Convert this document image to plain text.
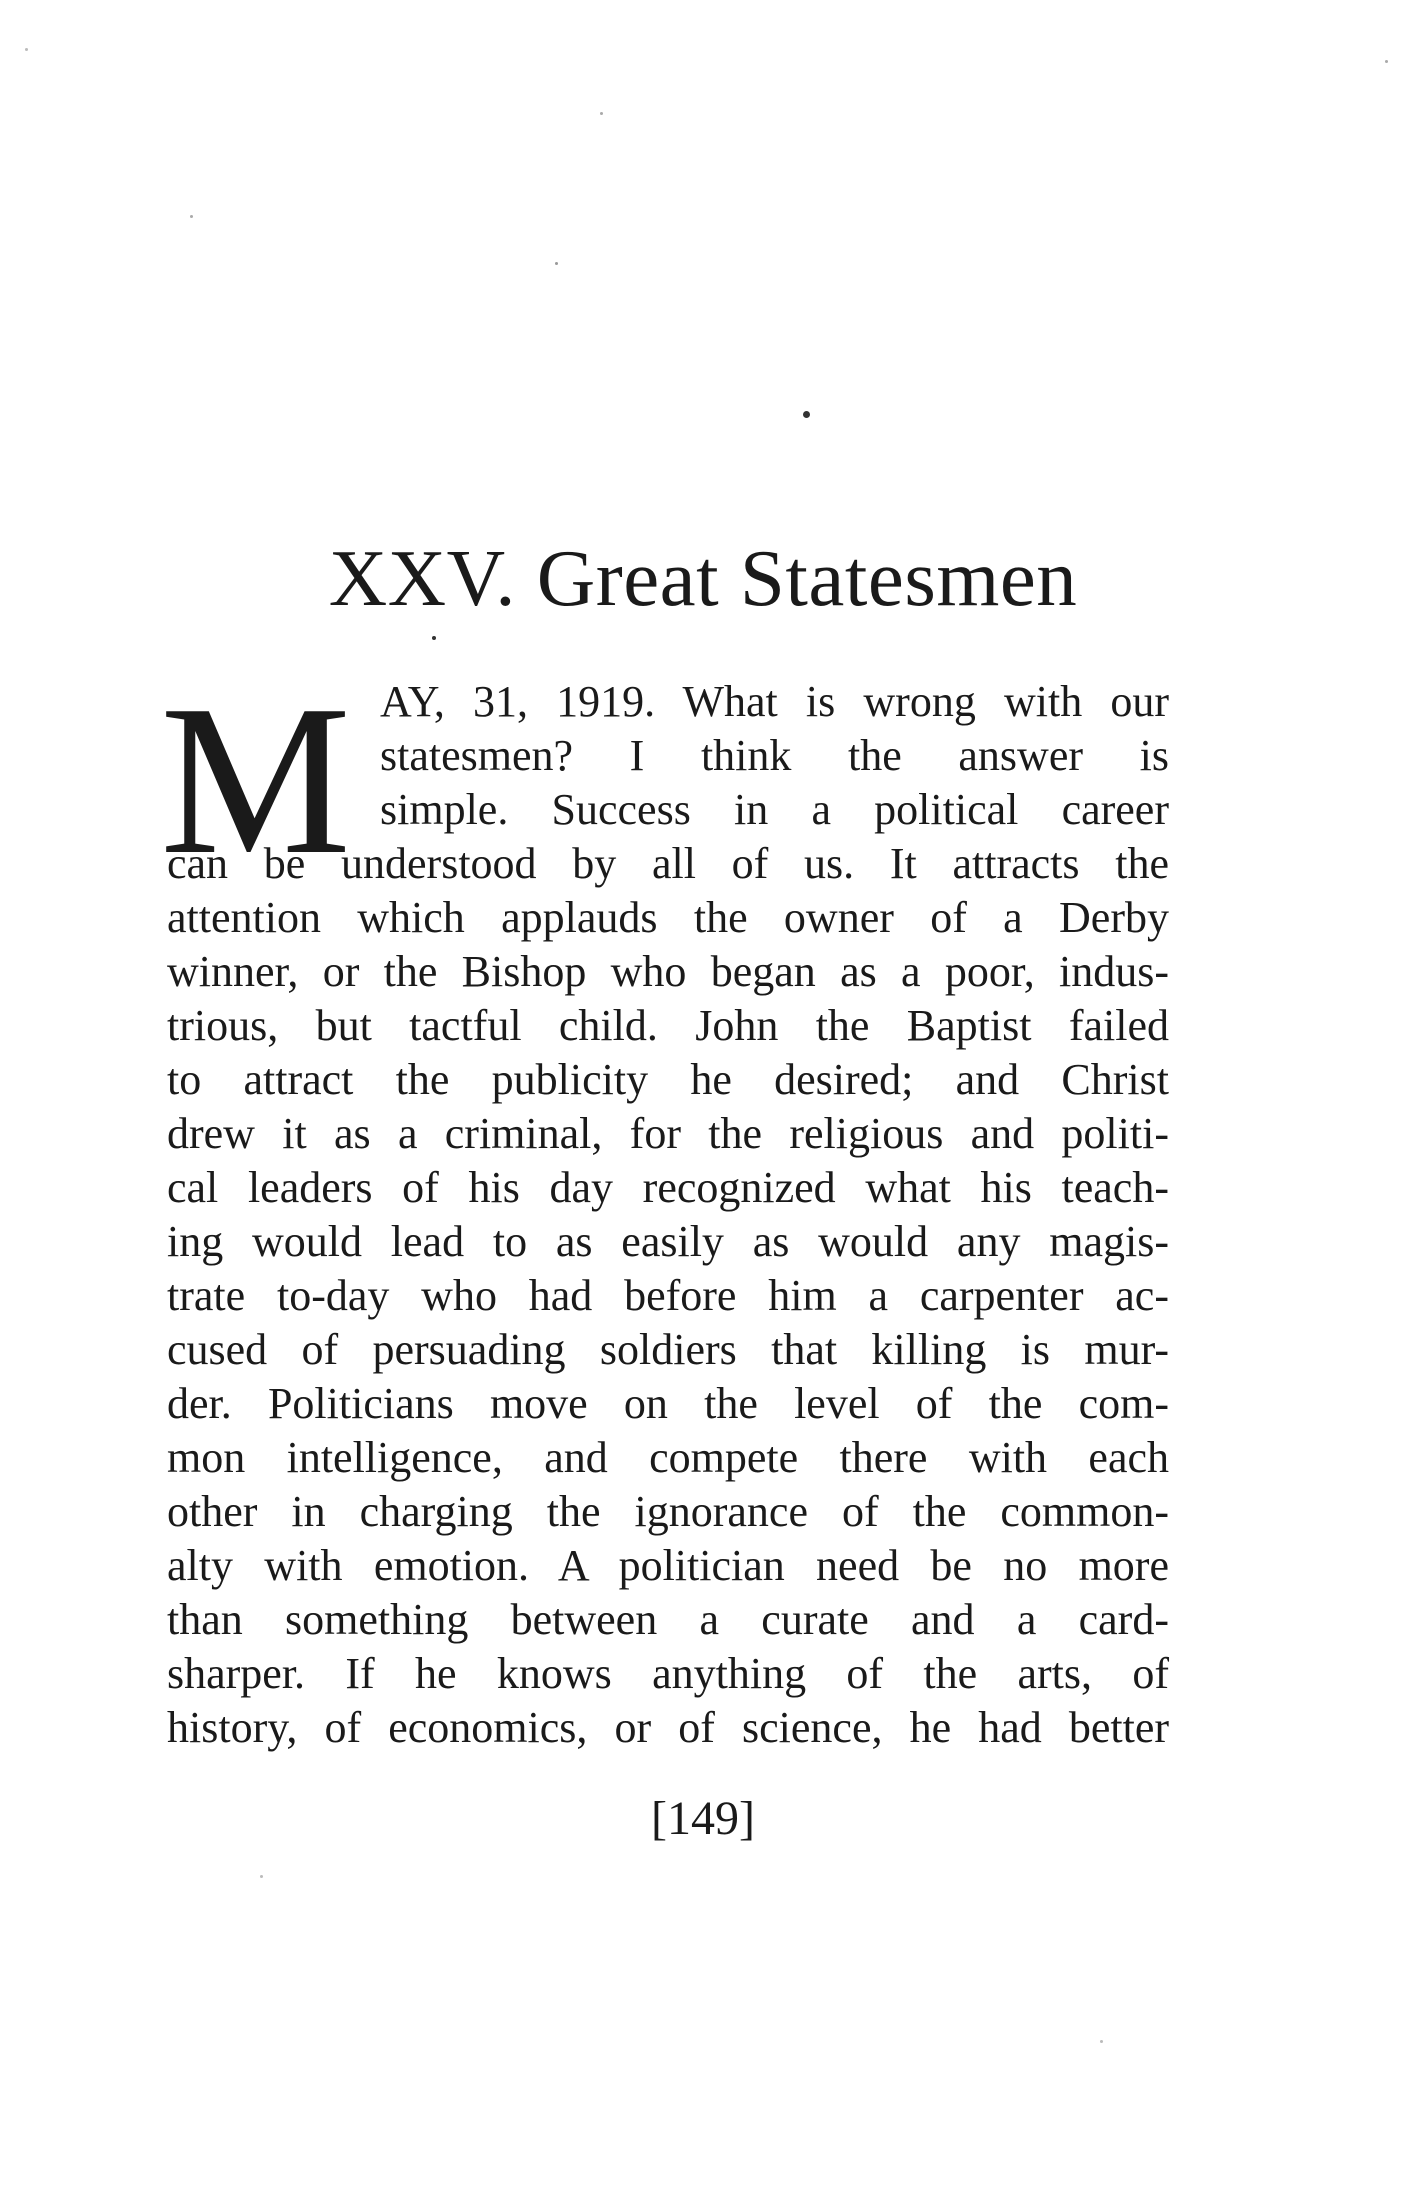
XXV. Great Statesmen
M AY, 31, 1919. What is wrong with our
statesmen? I think the answer is
simple. Success in a political career
can be understood by all of us. It attracts the
attention which applauds the owner of a Derby
winner, or the Bishop who began as a poor, indus-
trious, but tactful child. John the Baptist failed
to attract the publicity he desired; and Christ
drew it as a criminal, for the religious and politi-
cal leaders of his day recognized what his teach-
ing would lead to as easily as would any magis-
trate to-day who had before him a carpenter ac-
cused of persuading soldiers that killing is mur-
der. Politicians move on the level of the com-
mon intelligence, and compete there with each
other in charging the ignorance of the common-
alty with emotion. A politician need be no more
than something between a curate and a card-
sharper. If he knows anything of the arts, of
history, of economics, or of science, he had better
[149]
